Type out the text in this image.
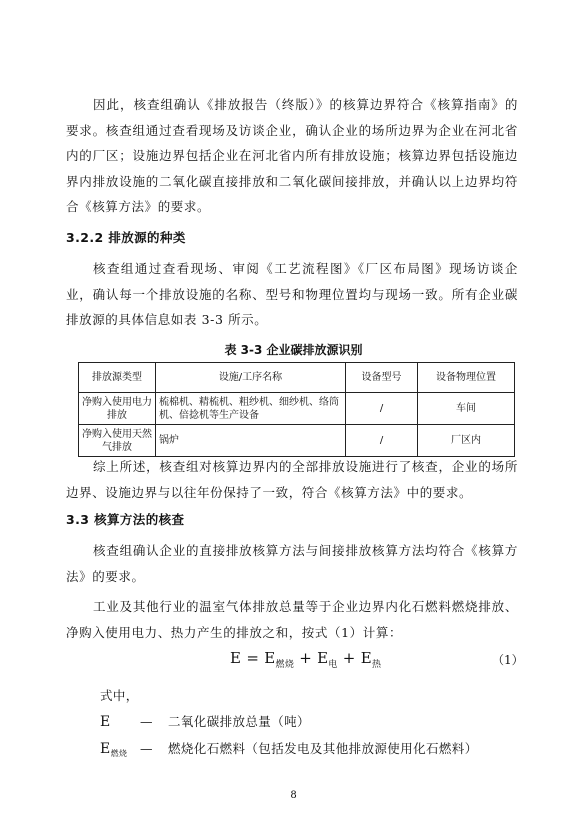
因此，核查组确认《排放报告（终版）》的核算边界符合《核算指南》的要求。核查组通过查看现场及访谈企业，确认企业的场所边界为企业在河北省内的厂区；设施边界包括企业在河北省内所有排放设施；核算边界包括设施边界内排放设施的二氧化碳直接排放和二氧化碳间接排放，并确认以上边界均符合《核算方法》的要求。

3.2.2 排放源的种类

核查组通过查看现场、审阅《工艺流程图》《厂区布局图》现场访谈企业，确认每一个排放设施的名称、型号和物理位置均与现场一致。所有企业碳排放源的具体信息如表 3-3 所示。

表 3-3 企业碳排放源识别
排放源类型	设施/工序名称	设备型号	设备物理位置
净购入使用电力排放	梳棉机、精梳机、粗纱机、细纱机、络筒机、倍捻机等生产设备	/	车间
净购入使用天然气排放	锅炉	/	厂区内

综上所述，核查组对核算边界内的全部排放设施进行了核查，企业的场所边界、设施边界与以往年份保持了一致，符合《核算方法》中的要求。

3.3 核算方法的核查

核查组确认企业的直接排放核算方法与间接排放核算方法均符合《核算方法》的要求。

工业及其他行业的温室气体排放总量等于企业边界内化石燃料燃烧排放、净购入使用电力、热力产生的排放之和，按式（1）计算：

$E = E_{燃烧} + E_电 + E_热$	（1）
式中，
E — 二氧化碳排放总量（吨）
$E_{燃烧}$ — 燃烧化石燃料（包括发电及其他排放源使用化石燃料）
8
